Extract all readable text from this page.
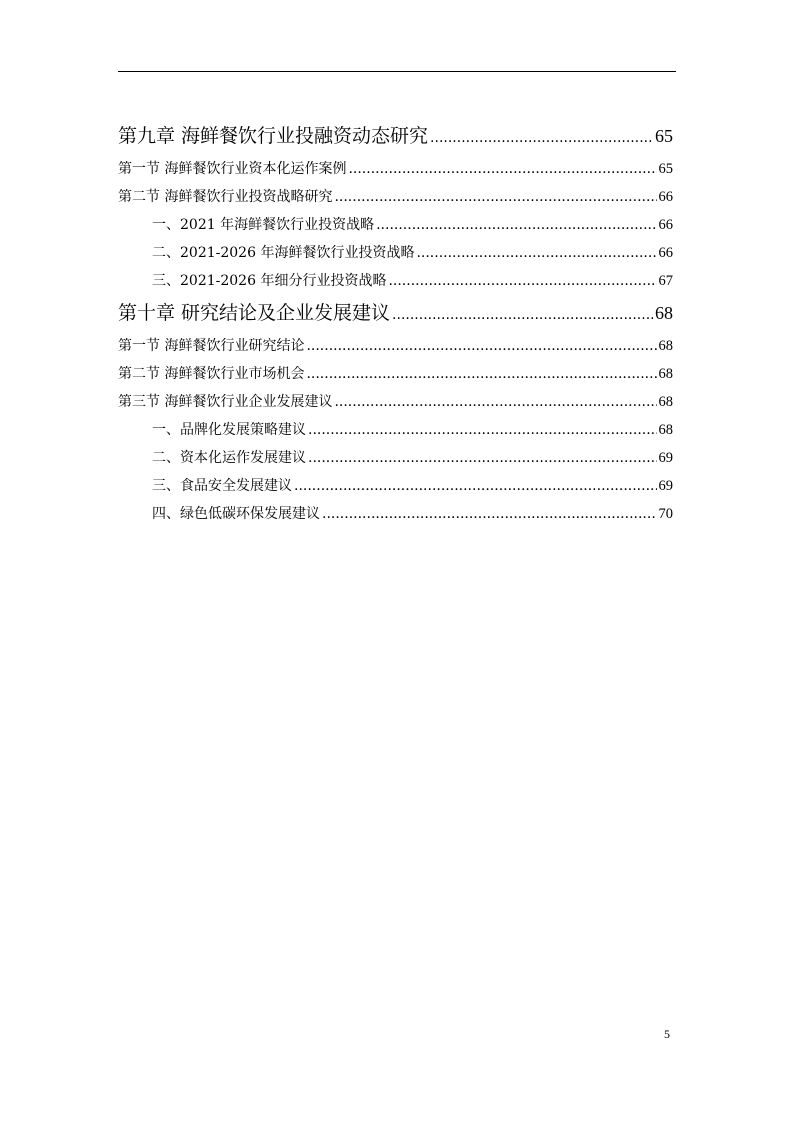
第九章 海鲜餐饮行业投融资动态研究 .....	65
第一节 海鲜餐饮行业资本化运作案例 .....	65
第二节 海鲜餐饮行业投资战略研究 .....	66
一、2021 年海鲜餐饮行业投资战略 .....	66
二、2021-2026 年海鲜餐饮行业投资战略 .....	66
三、2021-2026 年细分行业投资战略 .....	67
第十章 研究结论及企业发展建议 .....	68
第一节 海鲜餐饮行业研究结论 .....	68
第二节 海鲜餐饮行业市场机会 .....	68
第三节 海鲜餐饮行业企业发展建议 .....	68
一、品牌化发展策略建议 .....	68
二、资本化运作发展建议 .....	69
三、食品安全发展建议 .....	69
四、绿色低碳环保发展建议 .....	70
5
